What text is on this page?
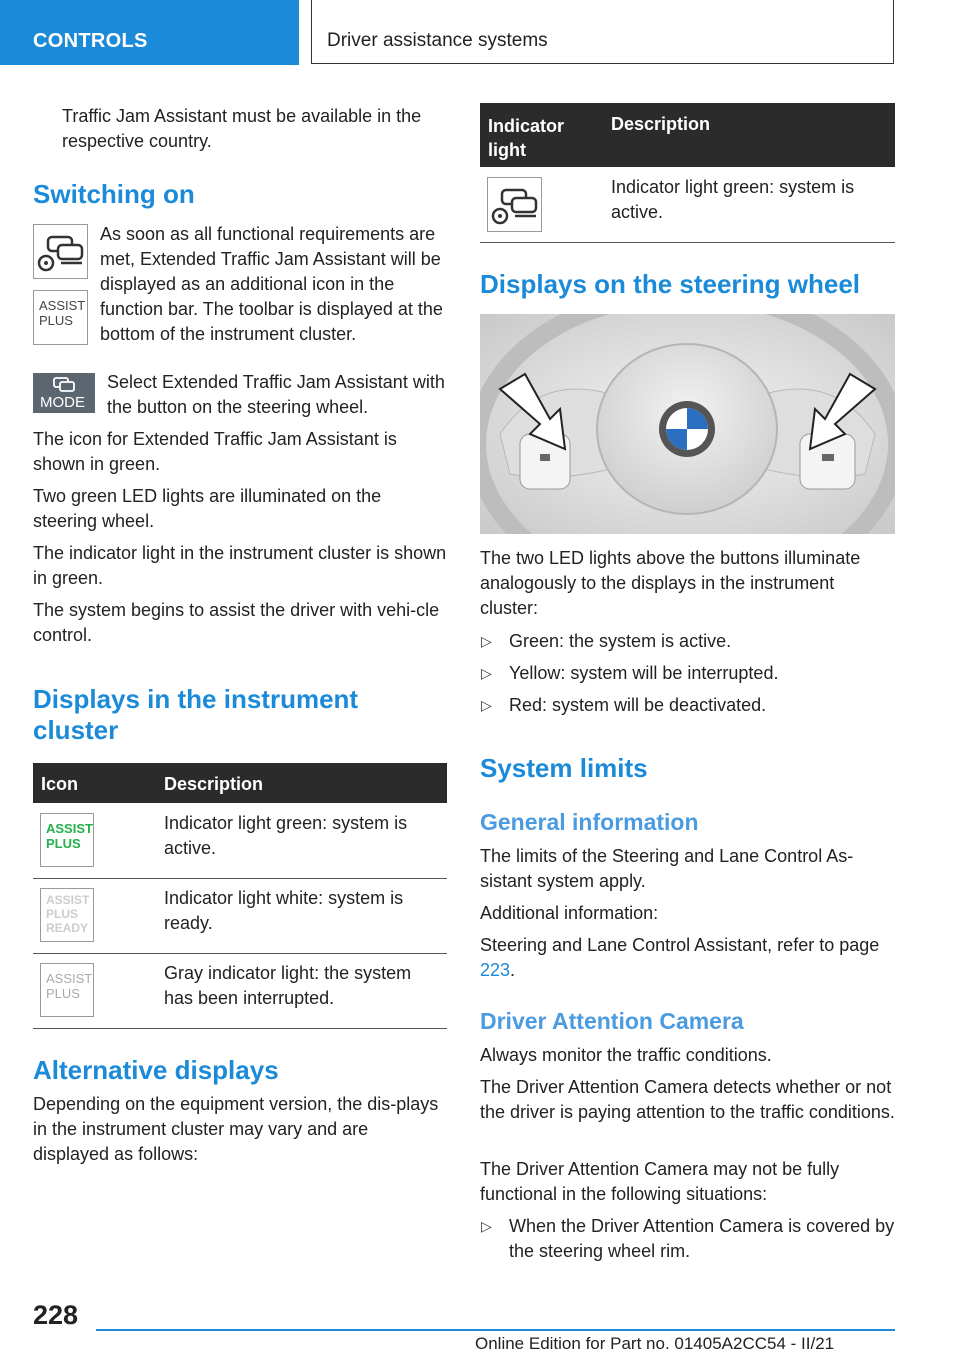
CONTROLS	Driver assistance systems
Traffic Jam Assistant must be available in the respective country.
Switching on
ASSIST PLUS
As soon as all functional requirements are met, Extended Traffic Jam Assistant will be displayed as an additional icon in the function bar. The toolbar is displayed at the bottom of the instrument cluster.
MODE
Select Extended Traffic Jam Assistant with the button on the steering wheel.
The icon for Extended Traffic Jam Assistant is shown in green.
Two green LED lights are illuminated on the steering wheel.
The indicator light in the instrument cluster is shown in green.
The system begins to assist the driver with vehi-cle control.
Displays in the instrument cluster
Icon	Description
ASSIST PLUS
Indicator light green: system is active.
ASSIST PLUS READY
Indicator light white: system is ready.
ASSIST PLUS
Gray indicator light: the system has been interrupted.
Alternative displays
Depending on the equipment version, the dis-plays in the instrument cluster may vary and are displayed as follows:
Indicator light
Description
Indicator light green: system is active.
Displays on the steering wheel
The two LED lights above the buttons illuminate analogously to the displays in the instrument cluster:
▷ Green: the system is active.
▷ Yellow: system will be interrupted.
▷ Red: system will be deactivated.
System limits
General information
The limits of the Steering and Lane Control As-sistant system apply.
Additional information:
Steering and Lane Control Assistant, refer to page 223.
Driver Attention Camera
Always monitor the traffic conditions.
The Driver Attention Camera detects whether or not the driver is paying attention to the traffic conditions.
The Driver Attention Camera may not be fully functional in the following situations:
▷ When the Driver Attention Camera is covered by the steering wheel rim.
228
Online Edition for Part no. 01405A2CC54 - II/21
